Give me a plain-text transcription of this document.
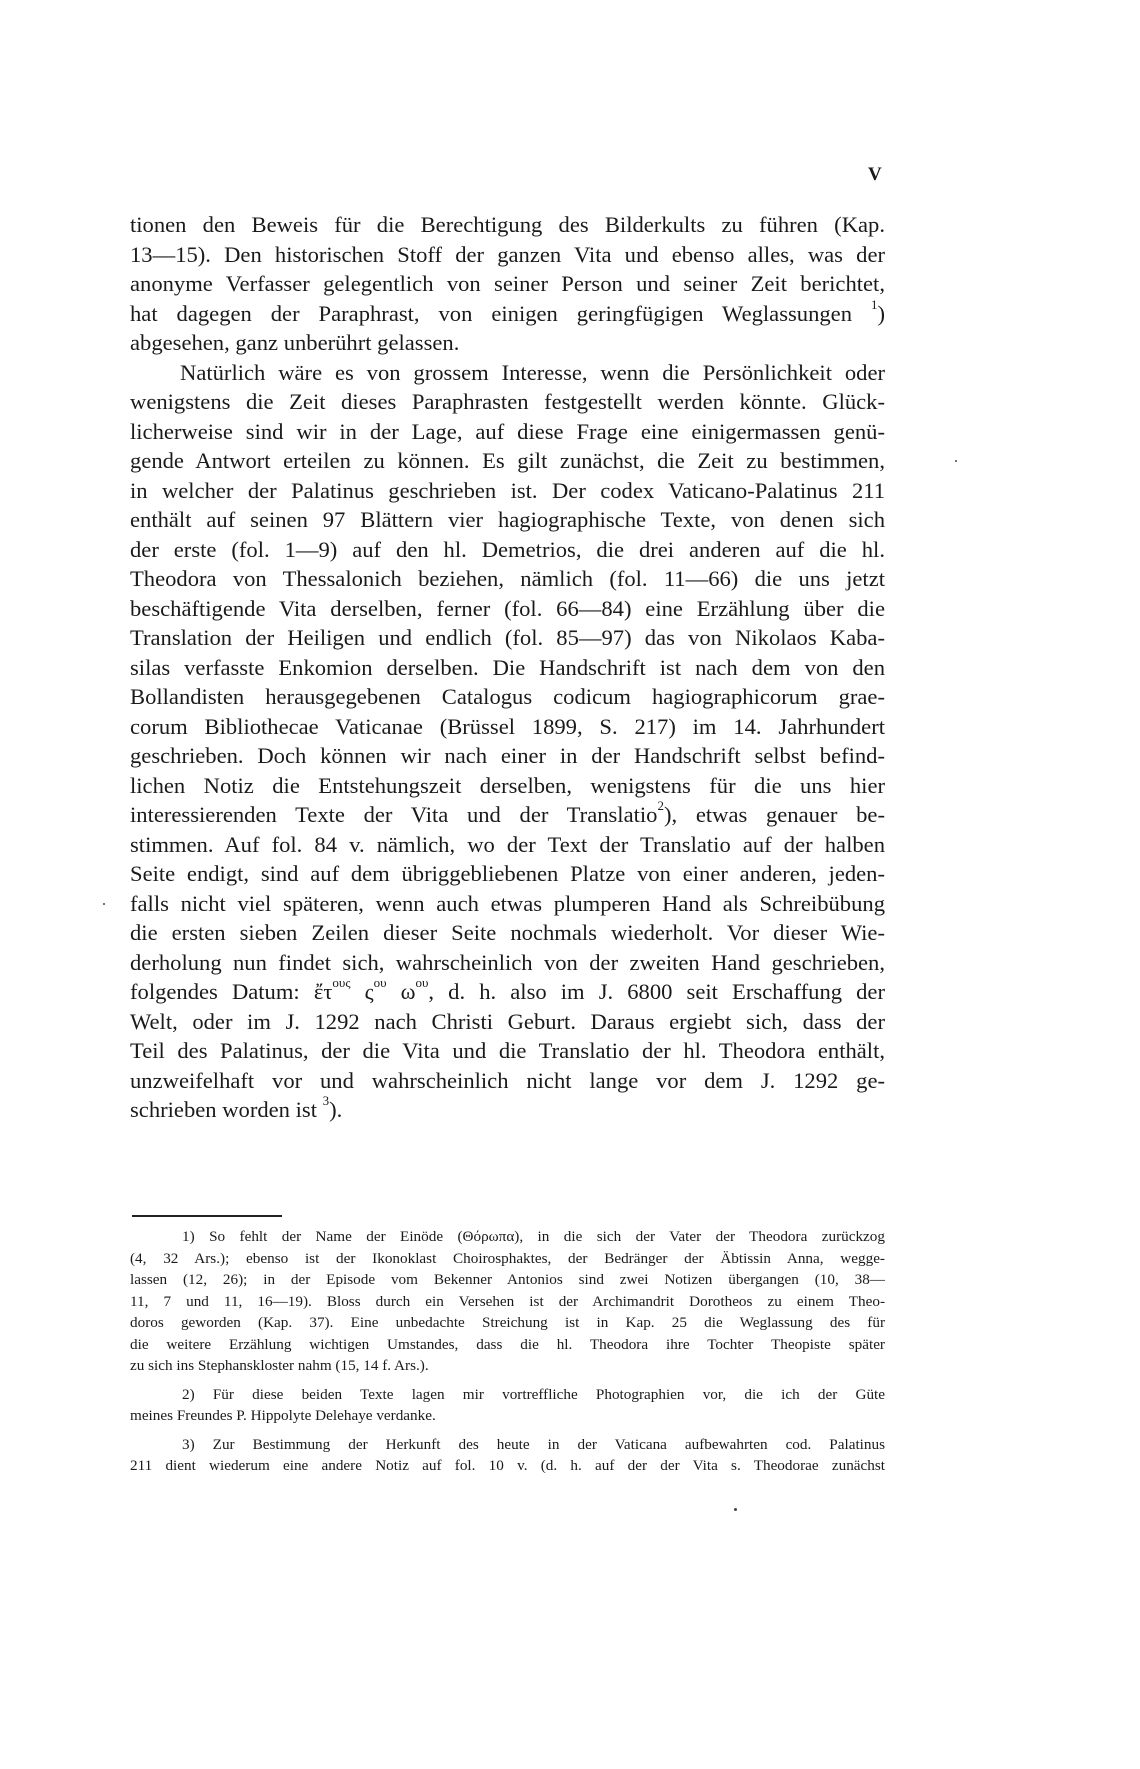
V
tionen den Beweis für die Berechtigung des Bilderkults zu führen (Kap.
13—15). Den historischen Stoff der ganzen Vita und ebenso alles, was der
anonyme Verfasser gelegentlich von seiner Person und seiner Zeit berichtet,
hat dagegen der Paraphrast, von einigen geringfügigen Weglassungen $^1$)
abgesehen, ganz unberührt gelassen.
Natürlich wäre es von grossem Interesse, wenn die Persönlichkeit oder
wenigstens die Zeit dieses Paraphrasten festgestellt werden könnte. Glück-
licherweise sind wir in der Lage, auf diese Frage eine einigermassen genü-
gende Antwort erteilen zu können. Es gilt zunächst, die Zeit zu bestimmen,
in welcher der Palatinus geschrieben ist. Der codex Vaticano-Palatinus 211
enthält auf seinen 97 Blättern vier hagiographische Texte, von denen sich
der erste (fol. 1—9) auf den hl. Demetrios, die drei anderen auf die hl.
Theodora von Thessalonich beziehen, nämlich (fol. 11—66) die uns jetzt
beschäftigende Vita derselben, ferner (fol. 66—84) eine Erzählung über die
Translation der Heiligen und endlich (fol. 85—97) das von Nikolaos Kaba-
silas verfasste Enkomion derselben. Die Handschrift ist nach dem von den
Bollandisten herausgegebenen Catalogus codicum hagiographicorum grae-
corum Bibliothecae Vaticanae (Brüssel 1899, S. 217) im 14. Jahrhundert
geschrieben. Doch können wir nach einer in der Handschrift selbst befind-
lichen Notiz die Entstehungszeit derselben, wenigstens für die uns hier
interessierenden Texte der Vita und der Translatio$^2$), etwas genauer be-
stimmen. Auf fol. 84 v. nämlich, wo der Text der Translatio auf der halben
Seite endigt, sind auf dem übriggebliebenen Platze von einer anderen, jeden-
falls nicht viel späteren, wenn auch etwas plumperen Hand als Schreibübung
die ersten sieben Zeilen dieser Seite nochmals wiederholt. Vor dieser Wie-
derholung nun findet sich, wahrscheinlich von der zweiten Hand geschrieben,
folgendes Datum: ἔτ$^{o\upsilon\varsigma}$ $\varsigma^{o\upsilon}$ $\omega^{o\upsilon}$, d. h. also im J. 6800 seit Erschaffung der
Welt, oder im J. 1292 nach Christi Geburt. Daraus ergiebt sich, dass der
Teil des Palatinus, der die Vita und die Translatio der hl. Theodora enthält,
unzweifelhaft vor und wahrscheinlich nicht lange vor dem J. 1292 ge-
schrieben worden ist $^3$).
1) So fehlt der Name der Einöde (Θόρωπα), in die sich der Vater der Theodora zurückzog
(4, 32 Ars.); ebenso ist der Ikonoklast Choirosphaktes, der Bedränger der Äbtissin Anna, wegge-
lassen (12, 26); in der Episode vom Bekenner Antonios sind zwei Notizen übergangen (10, 38—
11, 7 und 11, 16—19). Bloss durch ein Versehen ist der Archimandrit Dorotheos zu einem Theo-
doros geworden (Kap. 37). Eine unbedachte Streichung ist in Kap. 25 die Weglassung des für
die weitere Erzählung wichtigen Umstandes, dass die hl. Theodora ihre Tochter Theopiste später
zu sich ins Stephanskloster nahm (15, 14 f. Ars.).
2) Für diese beiden Texte lagen mir vortreffliche Photographien vor, die ich der Güte
meines Freundes P. Hippolyte Delehaye verdanke.
3) Zur Bestimmung der Herkunft des heute in der Vaticana aufbewahrten cod. Palatinus
211 dient wiederum eine andere Notiz auf fol. 10 v. (d. h. auf der der Vita s. Theodorae zunächst
